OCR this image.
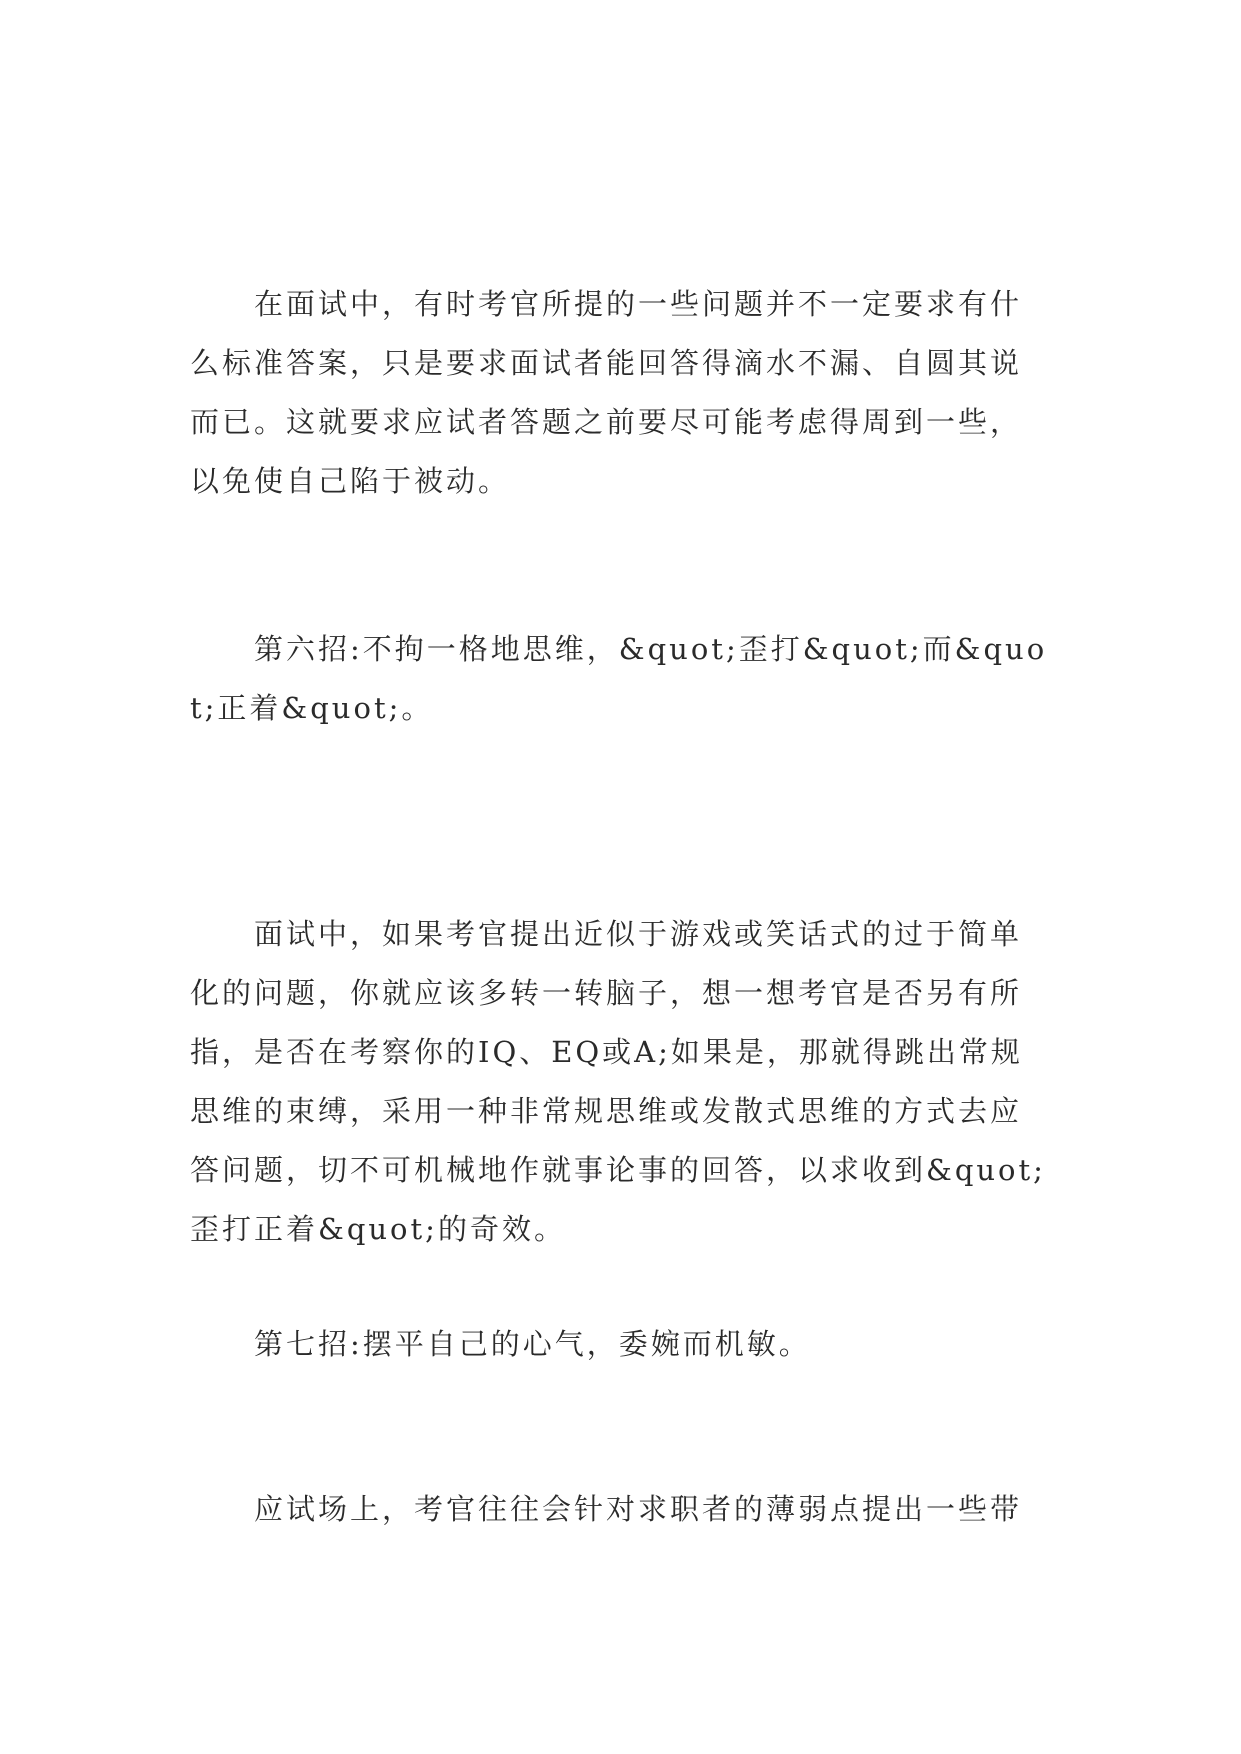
在面试中，有时考官所提的一些问题并不一定要求有什么标准答案，只是要求面试者能回答得滴水不漏、自圆其说而已。这就要求应试者答题之前要尽可能考虑得周到一些，以免使自己陷于被动。

第六招:不拘一格地思维，&quot;歪打&quot;而&quot;正着&quot;。

面试中，如果考官提出近似于游戏或笑话式的过于简单化的问题，你就应该多转一转脑子，想一想考官是否另有所指，是否在考察你的IQ、EQ或A;如果是，那就得跳出常规思维的束缚，采用一种非常规思维或发散式思维的方式去应答问题，切不可机械地作就事论事的回答，以求收到&quot;歪打正着&quot;的奇效。

第七招:摆平自己的心气，委婉而机敏。

应试场上，考官往往会针对求职者的薄弱点提出一些带
